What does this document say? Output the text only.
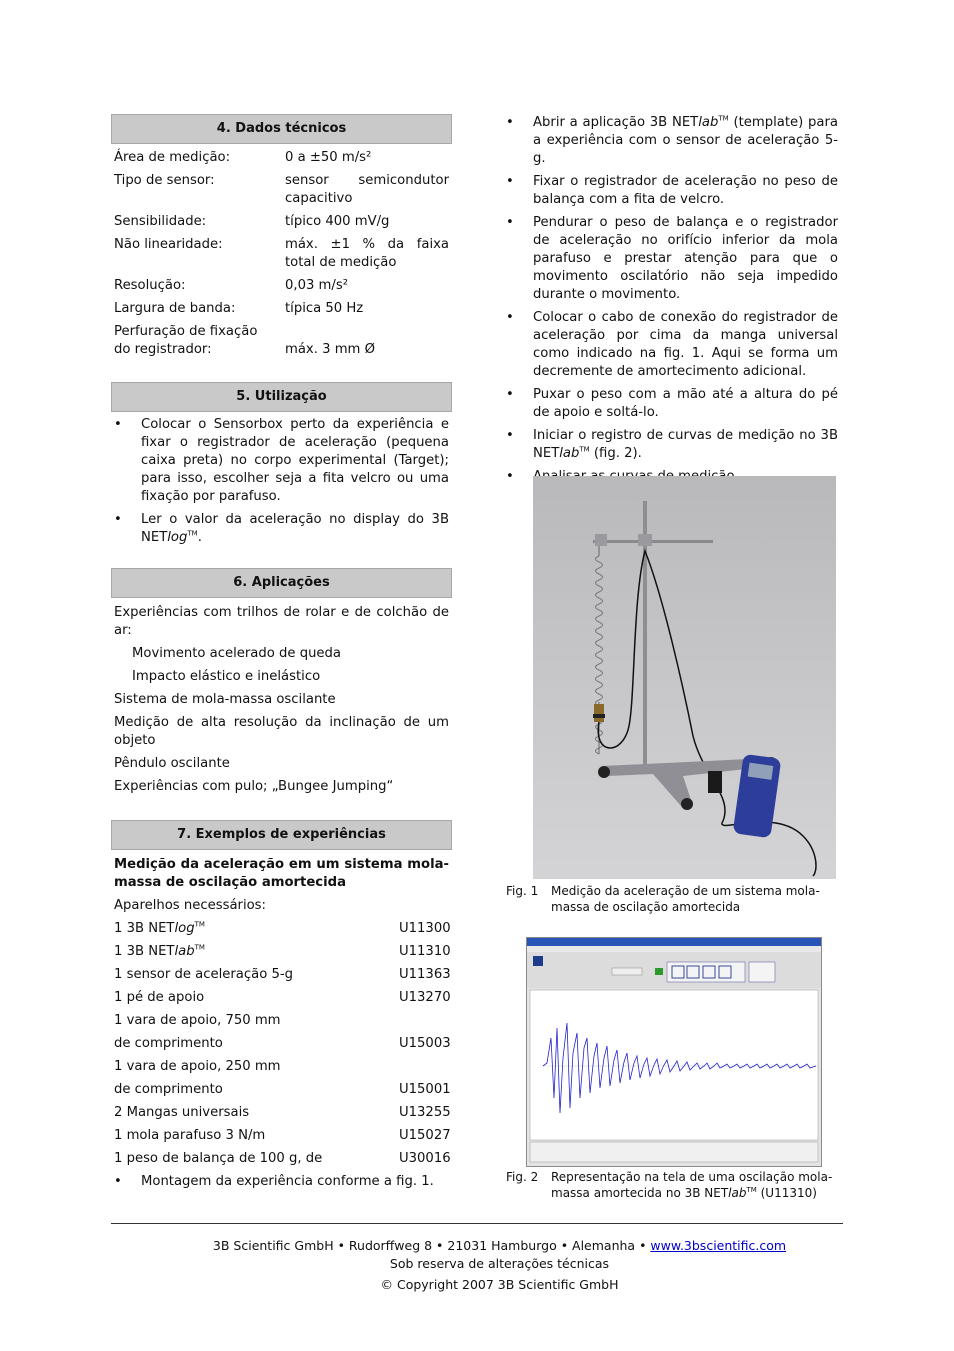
4. Dados técnicos
Área de medição:	0 a ±50 m/s²
Tipo de sensor:	sensor semicondutor capacitivo
Sensibilidade:	típico 400 mV/g
Não linearidade:	máx. ±1 % da faixa total de medição
Resolução:	0,03 m/s²
Largura de banda:	típica 50 Hz
Perfuração de fixação
do registrador:	máx. 3 mm Ø
5. Utilização
• Colocar o Sensorbox perto da experiência e fixar o registrador de aceleração (pequena caixa preta) no corpo experimental (Target); para isso, escolher seja a fita velcro ou uma fixação por parafuso.
• Ler o valor da aceleração no display do 3B NETlog™.
6. Aplicações
Experiências com trilhos de rolar e de colchão de ar:
Movimento acelerado de queda
Impacto elástico e inelástico
Sistema de mola-massa oscilante
Medição de alta resolução da inclinação de um objeto
Pêndulo oscilante
Experiências com pulo; „Bungee Jumping“
7. Exemplos de experiências
Medição da aceleração em um sistema mola-massa de oscilação amortecida
Aparelhos necessários:
1 3B NETlog™	U11300
1 3B NETlab™	U11310
1 sensor de aceleração 5-g	U11363
1 pé de apoio	U13270
1 vara de apoio, 750 mm
de comprimento	U15003
1 vara de apoio, 250 mm
de comprimento	U15001
2 Mangas universais	U13255
1 mola parafuso 3 N/m	U15027
1 peso de balança de 100 g, de	U30016
• Montagem da experiência conforme a fig. 1.
• Abrir a aplicação 3B NETlab™ (template) para a experiência com o sensor de aceleração 5-g.
• Fixar o registrador de aceleração no peso de balança com a fita de velcro.
• Pendurar o peso de balança e o registrador de aceleração no orifício inferior da mola parafuso e prestar atenção para que o movimento oscilatório não seja impedido durante o movimento.
• Colocar o cabo de conexão do registrador de aceleração por cima da manga universal como indicado na fig. 1. Aqui se forma um decremente de amortecimento adicional.
• Puxar o peso com a mão até a altura do pé de apoio e soltá-lo.
• Iniciar o registro de curvas de medição no 3B NETlab™ (fig. 2).
•
Fig. 1	Medição da aceleração de um sistema mola-massa de oscilação amortecida
Fig. 2	Representação na tela de uma oscilação mola-massa amortecida no 3B NETlab™ (U11310)
3B Scientific GmbH • Rudorffweg 8 • 21031 Hamburgo • Alemanha • www.3bscientific.com
Sob reserva de alterações técnicas
© Copyright 2007 3B Scientific GmbH
